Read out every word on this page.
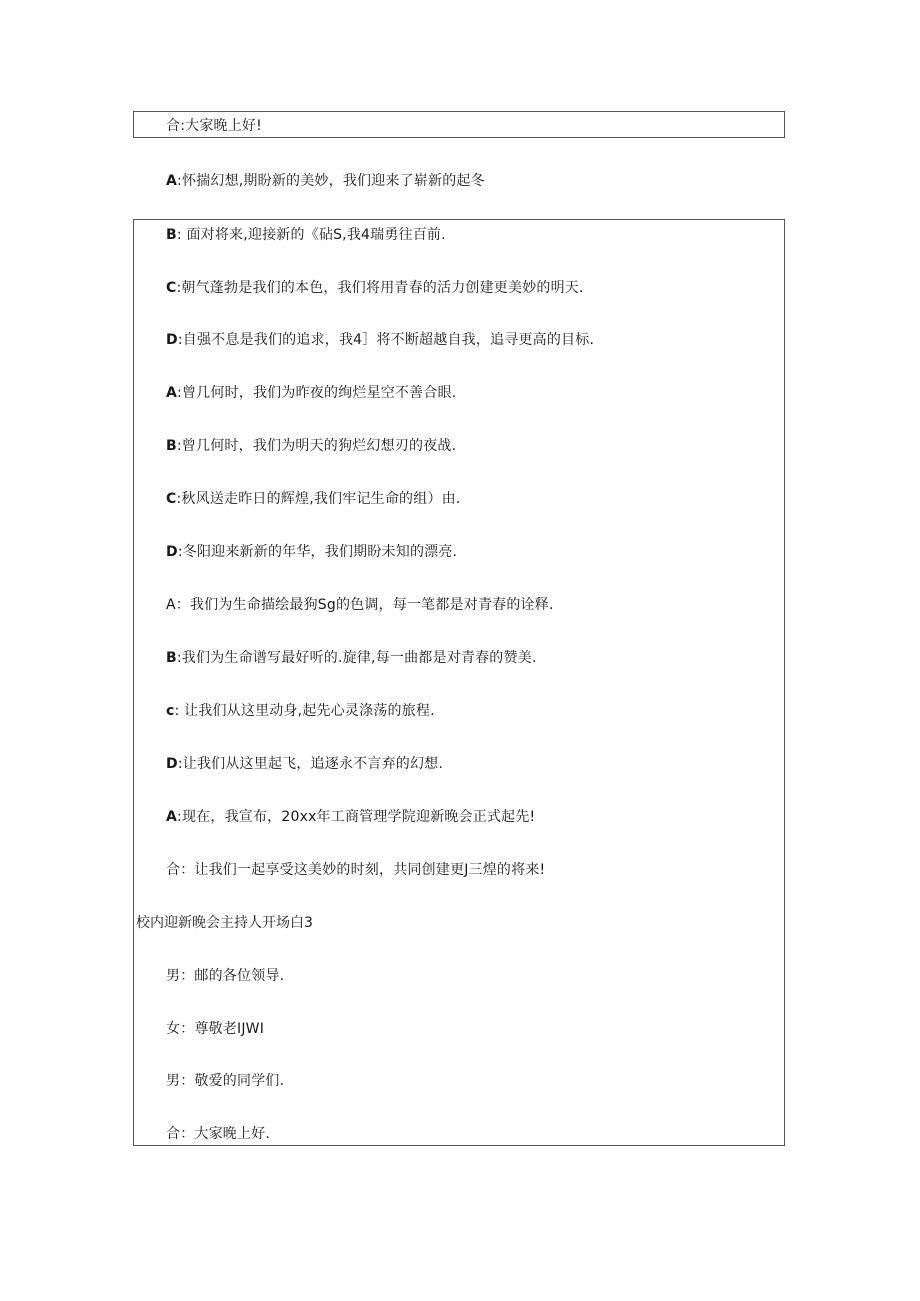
合:大家晚上好!
A:怀揣幻想,期盼新的美妙，我们迎来了崭新的起冬
B: 面对将来,迎接新的《砧S,我4瑞勇往百前.
C:朝气蓬勃是我们的本色，我们将用青春的活力创建更美妙的明天.
D:自强不息是我们的追求，我4］将不断超越自我，追寻更高的目标.
A:曾几何时，我们为昨夜的绚烂星空不善合眼.
B:曾几何时，我们为明天的狗烂幻想刃的夜战.
C:秋风送走昨日的辉煌,我们牢记生命的组）由.
D:冬阳迎来新新的年华，我们期盼未知的漂亮.
A：我们为生命描绘最狗Sg的色调，每一笔都是对青春的诠释.
B:我们为生命谱写最好听的.旋律,每一曲都是对青春的赞美.
c: 让我们从这里动身,起先心灵涤荡的旅程.
D:让我们从这里起飞，追逐永不言弃的幻想.
A:现在，我宣布，20xx年工商管理学院迎新晚会正式起先!
合：让我们一起享受这美妙的时刻，共同创建更J三煌的将来!
校内迎新晚会主持人开场白3
男：邮的各位领导.
女：尊敬老IJWI
男：敬爱的同学们.
合：大家晚上好.
